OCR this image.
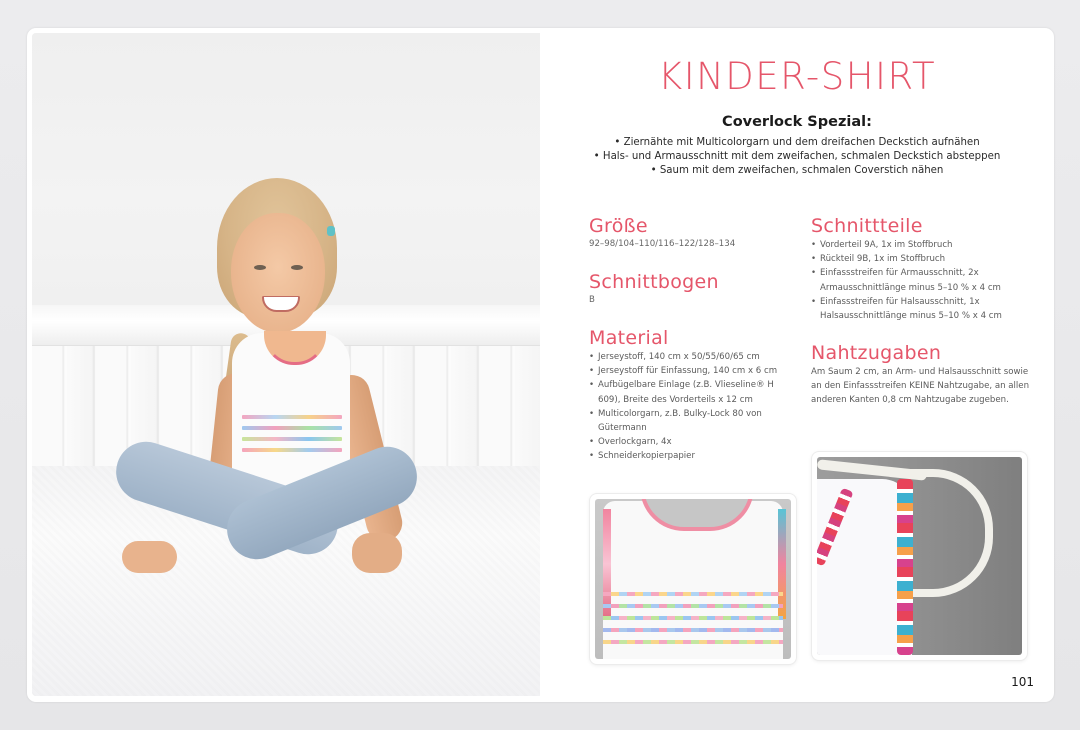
KINDER-SHIRT
Coverlock Spezial:
• Ziernähte mit Multicolorgarn und dem dreifachen Deckstich aufnähen
• Hals- und Armausschnitt mit dem zweifachen, schmalen Deckstich absteppen
• Saum mit dem zweifachen, schmalen Coverstich nähen
Größe
92–98/104–110/116–122/128–134
Schnittbogen
B
Material
• Jerseystoff, 140 cm x 50/55/60/65 cm
• Jerseystoff für Einfassung, 140 cm x 6 cm
• Aufbügelbare Einlage (z.B. Vlieseline® H 609), Breite des Vorderteils x 12 cm
• Multicolorgarn, z.B. Bulky-Lock 80 von Gütermann
• Overlockgarn, 4x
• Schneiderkopierpapier
Schnittteile
• Vorderteil 9A, 1x im Stoffbruch
• Rückteil 9B, 1x im Stoffbruch
• Einfassstreifen für Armausschnitt, 2x Armausschnittlänge minus 5–10 % x 4 cm
• Einfassstreifen für Halsausschnitt, 1x Halsausschnittlänge minus 5–10 % x 4 cm
Nahtzugaben

Am Saum 2 cm, an Arm- und Halsausschnitt sowie an den Einfassstreifen KEINE Nahtzugabe, an allen anderen Kanten 0,8 cm Nahtzugabe zugeben.

101
